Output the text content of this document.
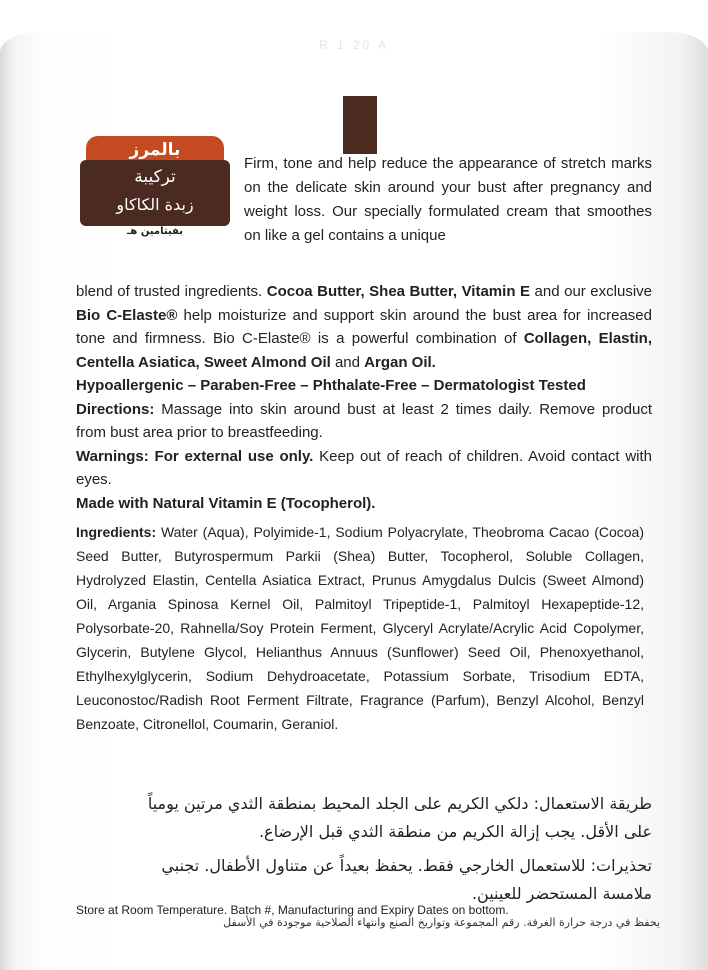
R 1 20 A
بالمرز
تركيبة
زبدة الكاكاو
بفيتامين هـ
Firm, tone and help reduce the appearance of stretch marks on the delicate skin around your bust after pregnancy and weight loss. Our specially formulated cream that smoothes on like a gel contains a unique

blend of trusted ingredients. Cocoa Butter, Shea Butter, Vitamin E and our exclusive Bio C-Elaste® help moisturize and support skin around the bust area for increased tone and firmness. Bio C-Elaste® is a powerful combination of Collagen, Elastin, Centella Asiatica, Sweet Almond Oil and Argan Oil.

Hypoallergenic – Paraben-Free – Phthalate-Free – Dermatologist Tested

Directions: Massage into skin around bust at least 2 times daily. Remove product from bust area prior to breastfeeding.

Warnings: For external use only. Keep out of reach of children. Avoid contact with eyes.

Made with Natural Vitamin E (Tocopherol).

Ingredients: Water (Aqua), Polyimide-1, Sodium Polyacrylate, Theobroma Cacao (Cocoa) Seed Butter, Butyrospermum Parkii (Shea) Butter, Tocopherol, Soluble Collagen, Hydrolyzed Elastin, Centella Asiatica Extract, Prunus Amygdalus Dulcis (Sweet Almond) Oil, Argania Spinosa Kernel Oil, Palmitoyl Tripeptide-1, Palmitoyl Hexapeptide-12, Polysorbate-20, Rahnella/Soy Protein Ferment, Glyceryl Acrylate/Acrylic Acid Copolymer, Glycerin, Butylene Glycol, Helianthus Annuus (Sunflower) Seed Oil, Phenoxyethanol, Ethylhexylglycerin, Sodium Dehydroacetate, Potassium Sorbate, Trisodium EDTA, Leuconostoc/Radish Root Ferment Filtrate, Fragrance (Parfum), Benzyl Alcohol, Benzyl Benzoate, Citronellol, Coumarin, Geraniol.

طريقة الاستعمال: دلكي الكريم على الجلد المحيط بمنطقة الثدي مرتين يومياً

على الأقل. يجب إزالة الكريم من منطقة الثدي قبل الإرضاع.

تحذيرات: للاستعمال الخارجي فقط. يحفظ بعيداً عن متناول الأطفال. تجنبي

ملامسة المستحضر للعينين.

Store at Room Temperature. Batch #, Manufacturing and Expiry Dates on bottom.
يحفظ في درجة حرارة الغرفة. رقم المجموعة وتواريخ الصنع وانتهاء الصلاحية موجودة في الأسفل
